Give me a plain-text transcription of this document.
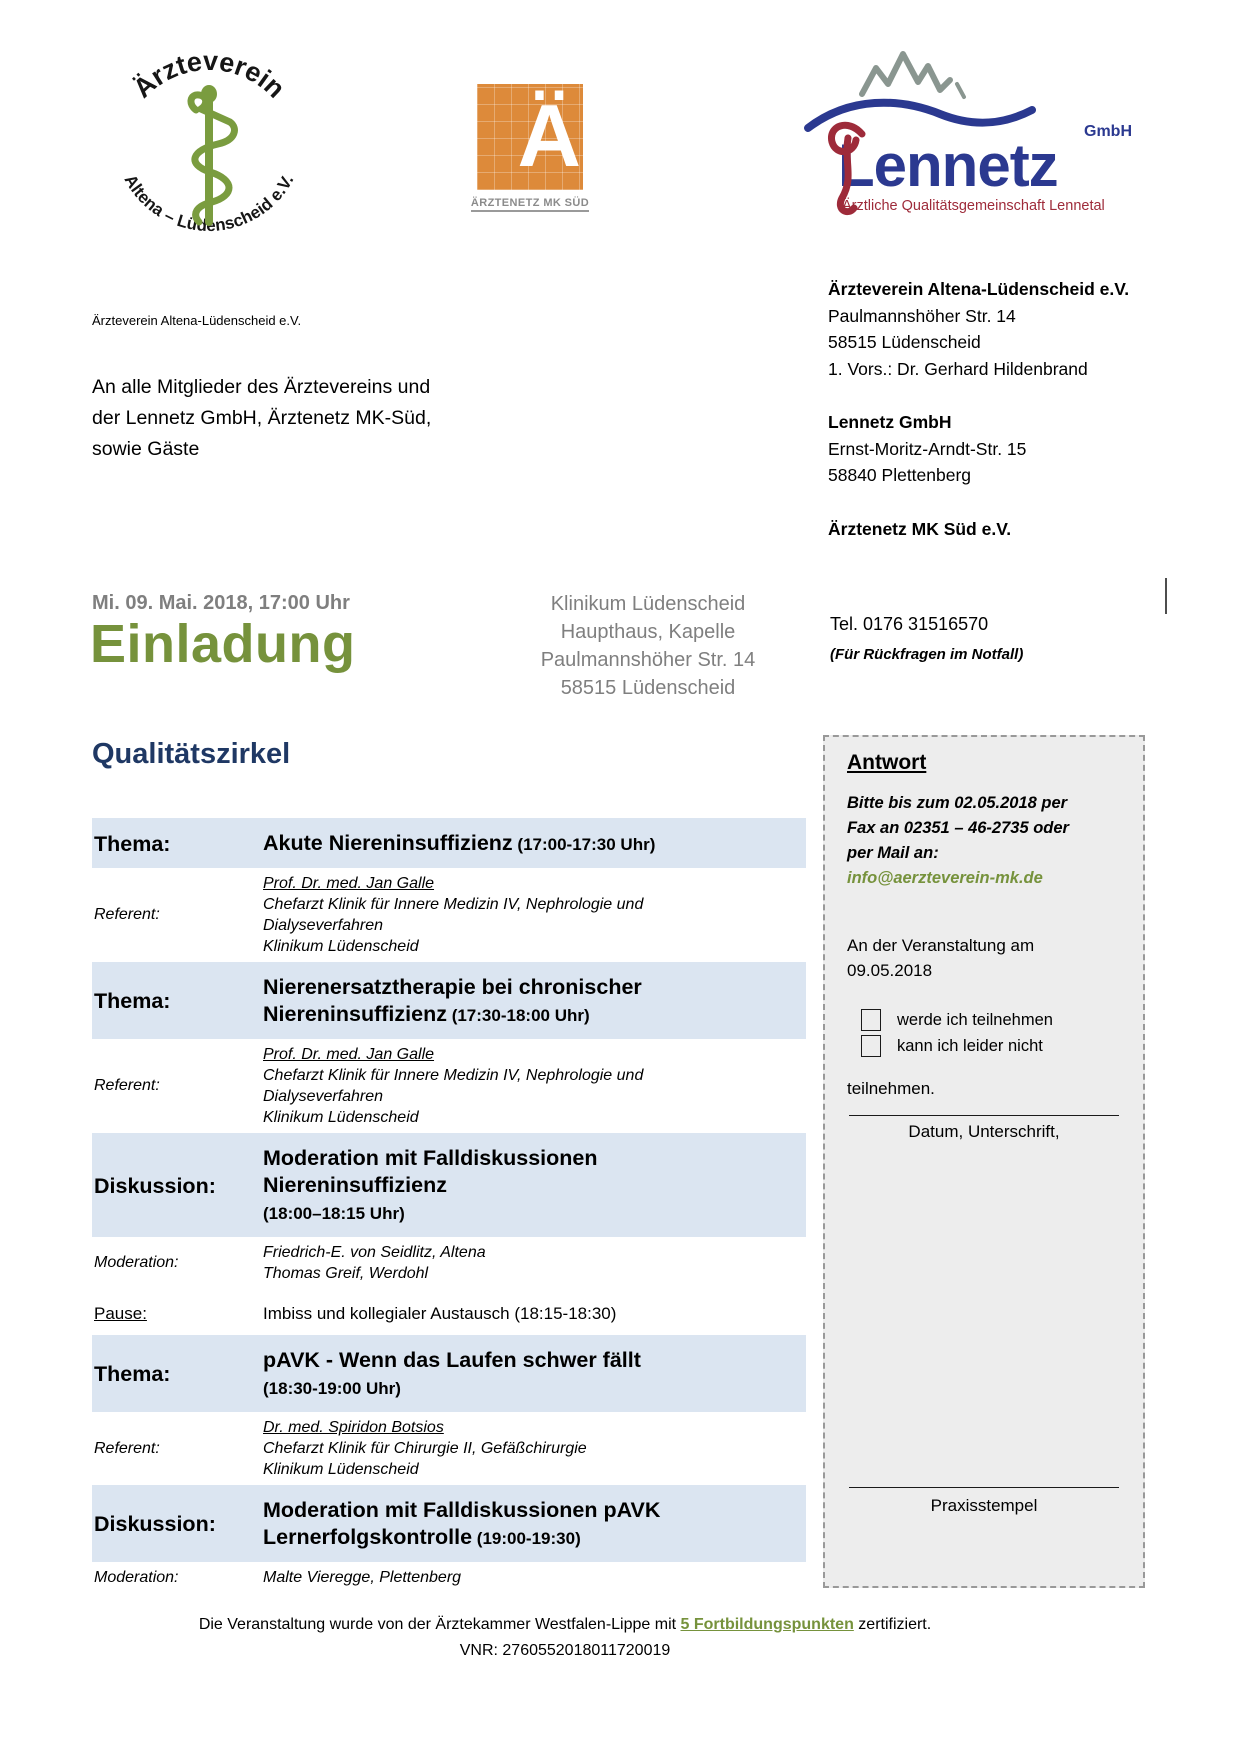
Ärzteverein
Altena – Lüdenscheid e.V.	Ä
ÄRZTENETZ MK SÜD
Lennetz
GmbH
Ärztliche Qualitätsgemeinschaft Lennetal
Ärzteverein Altena-Lüdenscheid e.V.
An alle Mitglieder des Ärztevereins und
der Lennetz GmbH, Ärztenetz MK-Süd,
sowie Gäste
Ärzteverein Altena-Lüdenscheid e.V.
Paulmannshöher Str. 14
58515 Lüdenscheid
1. Vors.: Dr. Gerhard Hildenbrand
Lennetz GmbH
Ernst-Moritz-Arndt-Str. 15
58840 Plettenberg
Ärztenetz MK Süd e.V.
Mi. 09. Mai. 2018, 17:00 Uhr
Einladung
Klinikum Lüdenscheid
Haupthaus, Kapelle
Paulmannshöher Str. 14
58515 Lüdenscheid
Tel. 0176 31516570
(Für Rückfragen im Notfall)
Qualitätszirkel
Thema:	Akute Niereninsuffizienz (17:00-17:30 Uhr)
Referent:
Prof. Dr. med. Jan Galle
Chefarzt Klinik für Innere Medizin IV, Nephrologie und
Dialyseverfahren
Klinikum Lüdenscheid
Thema:
Nierenersatztherapie bei chronischer
Niereninsuffizienz (17:30-18:00 Uhr)
Referent:
Prof. Dr. med. Jan Galle
Chefarzt Klinik für Innere Medizin IV, Nephrologie und
Dialyseverfahren
Klinikum Lüdenscheid
Diskussion:
Moderation mit Falldiskussionen
Niereninsuffizienz
(18:00–18:15 Uhr)
Moderation:
Friedrich-E. von Seidlitz, Altena
Thomas Greif, Werdohl
Pause:	Imbiss und kollegialer Austausch (18:15-18:30)
Thema:
pAVK - Wenn das Laufen schwer fällt
(18:30-19:00 Uhr)
Referent:
Dr. med. Spiridon Botsios
Chefarzt Klinik für Chirurgie II, Gefäßchirurgie
Klinikum Lüdenscheid
Diskussion:
Moderation mit Falldiskussionen pAVK
Lernerfolgskontrolle (19:00-19:30)
Moderation:	Malte Vieregge, Plettenberg
Antwort
Bitte bis zum 02.05.2018 per
Fax an 02351 – 46-2735 oder
per Mail an:
info@aerzteverein-mk.de
An der Veranstaltung am
09.05.2018
werde ich teilnehmen
kann ich leider nicht
teilnehmen.
Datum, Unterschrift,
Praxisstempel
Die Veranstaltung wurde von der Ärztekammer Westfalen-Lippe mit 5 Fortbildungspunkten zertifiziert.
VNR: 2760552018011720019
